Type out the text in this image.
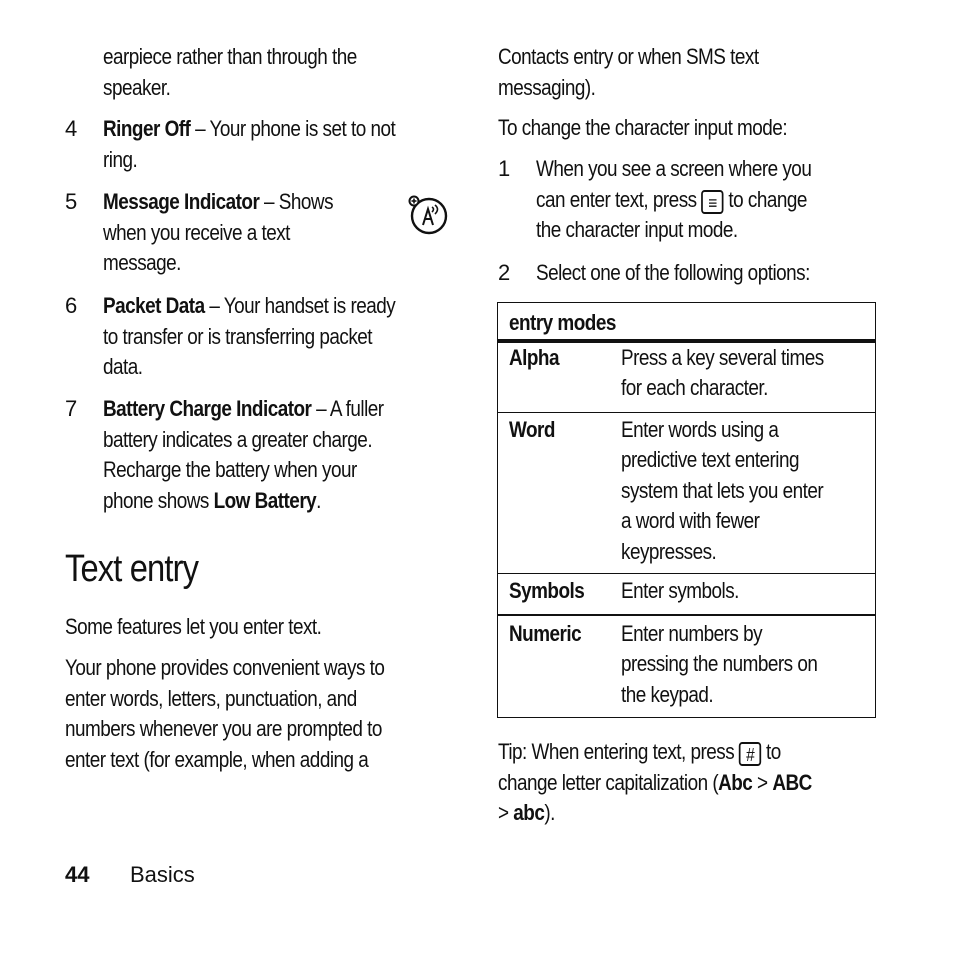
earpiece rather than through the
speaker.
4 Ringer Off – Your phone is set to not
ring.
5 Message Indicator – Shows
when you receive a text
message.
6 Packet Data – Your handset is ready
to transfer or is transferring packet
data.
7 Battery Charge Indicator – A fuller
battery indicates a greater charge.
Recharge the battery when your
phone shows Low Battery.
Text entry
Some features let you enter text.
Your phone provides convenient ways to
enter words, letters, punctuation, and
numbers whenever you are prompted to
enter text (for example, when adding a
Contacts entry or when SMS text
messaging).
To change the character input mode:
1 When you see a screen where you
can enter text, press ≡ to change
the character input mode.
2 Select one of the following options:
entry modes	

Alpha	Press a key several times
for each character.

Word	Enter words using a
predictive text entering
system that lets you enter
a word with fewer
keypresses.

Symbols	Enter symbols.

Numeric	Enter numbers by
pressing the numbers on
the keypad.
Tip: When entering text, press # to
change letter capitalization (Abc > ABC
> abc).
44 Basics
